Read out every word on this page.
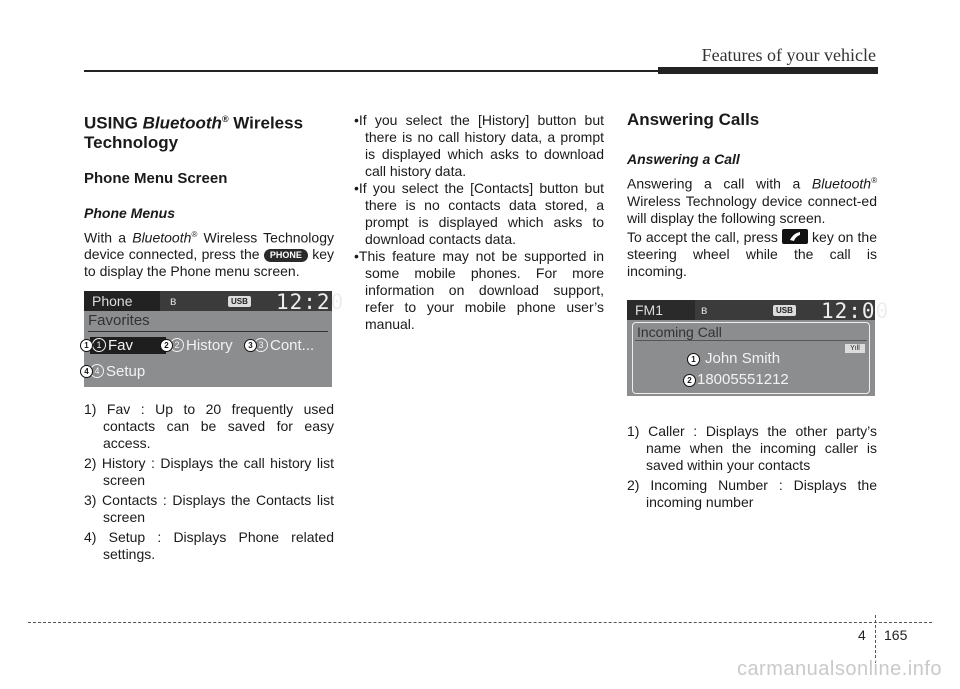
Features of your vehicle
USING Bluetooth® Wireless Technology
Phone Menu Screen
Phone Menus

With a Bluetooth® Wireless Technology device connected, press the PHONE key to display the Phone menu screen.

Phone	ʙ	USB 12:20
Favorites
1 Fav	2 History	3 Cont...
4 Setup
1	2	3
4
1) Fav : Up to 20 frequently used contacts can be saved for easy access.
2) History : Displays the call history list screen
3) Contacts : Displays the Contacts list screen
4) Setup : Displays Phone related settings.
• If you select the [History] button but there is no call history data, a prompt is displayed which asks to download call history data.
• If you select the [Contacts] button but there is no contacts data stored, a prompt is displayed which asks to download contacts data.
• This feature may not be supported in some mobile phones. For more information on download support, refer to your mobile phone user’s manual.
Answering Calls
Answering a Call

Answering a call with a Bluetooth® Wireless Technology device connect-ed will display the following screen.

To accept the call, press
key on the steering wheel while the call is incoming.

FM1	ʙ	USB 12:00
Incoming Call
Yıll
John Smith
18005551212
1
2
1) Caller : Displays the other party’s name when the incoming caller is saved within your contacts
2) Incoming Number : Displays the incoming number
4 165
carmanualsonline.info
